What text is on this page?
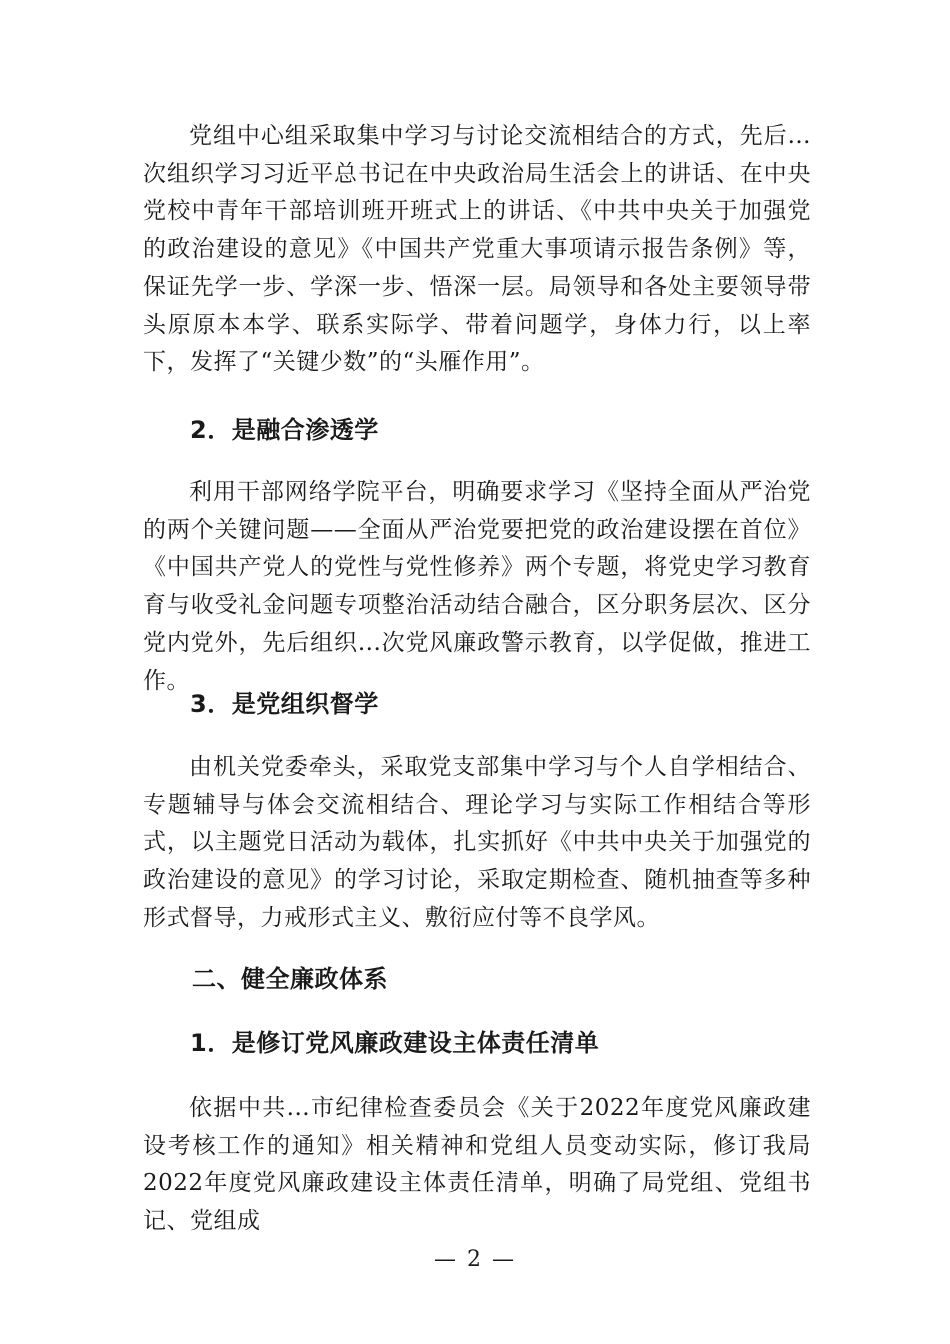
党组中心组采取集中学习与讨论交流相结合的方式，先后...次组织学习习近平总书记在中央政治局生活会上的讲话、在中央党校中青年干部培训班开班式上的讲话、《中共中央关于加强党的政治建设的意见》《中国共产党重大事项请示报告条例》等，保证先学一步、学深一步、悟深一层。局领导和各处主要领导带头原原本本学、联系实际学、带着问题学，身体力行，以上率下，发挥了“关键少数”的“头雁作用”。

2．是融合渗透学

利用干部网络学院平台，明确要求学习《坚持全面从严治党的两个关键问题——全面从严治党要把党的政治建设摆在首位》《中国共产党人的党性与党性修养》两个专题，将党史学习教育育与收受礼金问题专项整治活动结合融合，区分职务层次、区分党内党外，先后组织...次党风廉政警示教育，以学促做，推进工作。

3．是党组织督学

由机关党委牵头，采取党支部集中学习与个人自学相结合、专题辅导与体会交流相结合、理论学习与实际工作相结合等形式，以主题党日活动为载体，扎实抓好《中共中央关于加强党的政治建设的意见》的学习讨论，采取定期检查、随机抽查等多种形式督导，力戒形式主义、敷衍应付等不良学风。

二、健全廉政体系
1．是修订党风廉政建设主体责任清单

依据中共...市纪律检查委员会《关于2022年度党风廉政建设考核工作的通知》相关精神和党组人员变动实际，修订我局2022年度党风廉政建设主体责任清单，明确了局党组、党组书记、党组成

— 2 —
